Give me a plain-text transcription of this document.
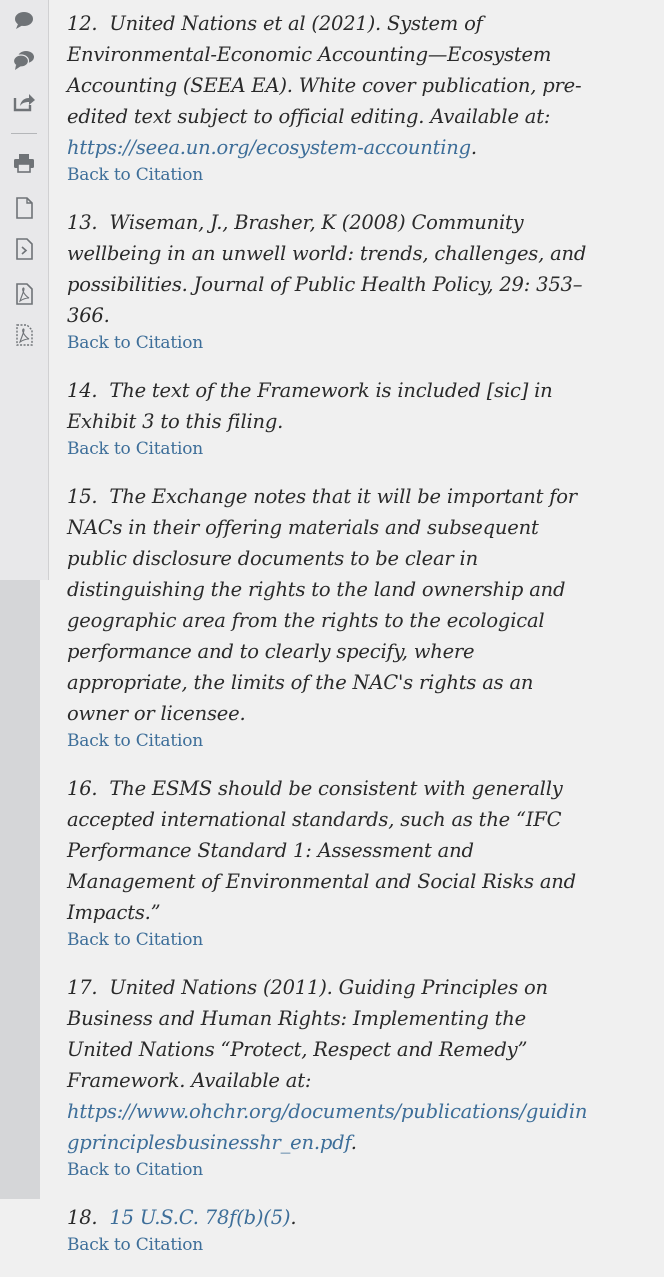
12. United Nations et al (2021). System of Environmental-Economic Accounting—Ecosystem Accounting (SEEA EA). White cover publication, pre-edited text subject to official editing. Available at: https://seea.un.org/ecosystem-accounting.
Back to Citation
13. Wiseman, J., Brasher, K (2008) Community wellbeing in an unwell world: trends, challenges, and possibilities. Journal of Public Health Policy, 29: 353–366.
Back to Citation
14. The text of the Framework is included [sic] in Exhibit 3 to this filing.
Back to Citation
15. The Exchange notes that it will be important for NACs in their offering materials and subsequent public disclosure documents to be clear in distinguishing the rights to the land ownership and geographic area from the rights to the ecological performance and to clearly specify, where appropriate, the limits of the NAC's rights as an owner or licensee.
Back to Citation
16. The ESMS should be consistent with generally accepted international standards, such as the “IFC Performance Standard 1: Assessment and Management of Environmental and Social Risks and Impacts.”
Back to Citation
17. United Nations (2011). Guiding Principles on Business and Human Rights: Implementing the United Nations “Protect, Respect and Remedy” Framework. Available at: https://www.ohchr.org/documents/publications/guidingprinciplesbusinesshr_en.pdf.
Back to Citation
18. 15 U.S.C. 78f(b)(5).
Back to Citation
